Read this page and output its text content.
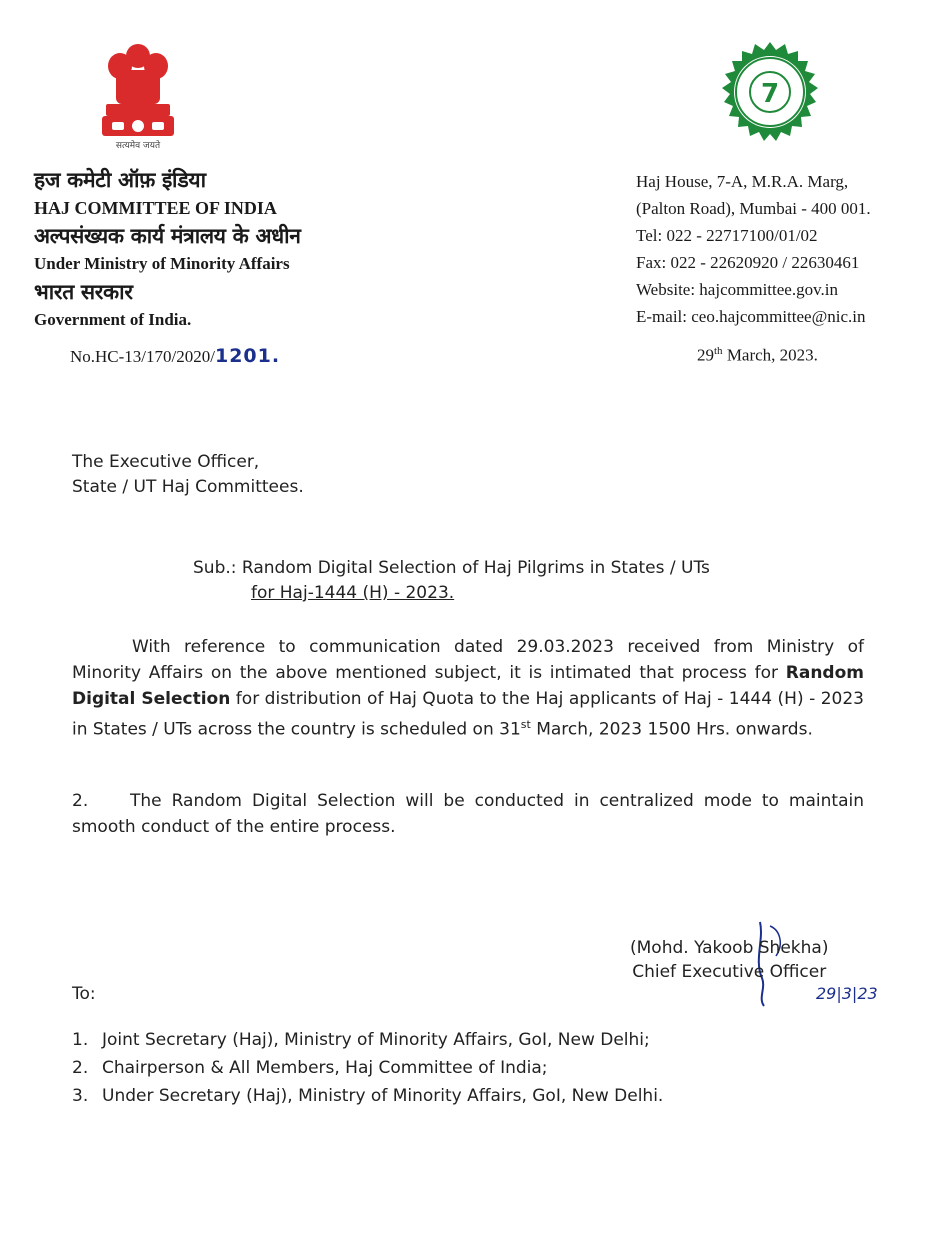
सत्यमेव जयते
7
हज कमेटी ऑफ़ इंडिया
HAJ COMMITTEE OF INDIA
अल्पसंख्यक कार्य मंत्रालय के अधीन
Under Ministry of Minority Affairs
भारत सरकार
Government of India.
Haj House, 7-A, M.R.A. Marg,
(Palton Road), Mumbai - 400 001.
Tel: 022 - 22717100/01/02
Fax: 022 - 22620920 / 22630461
Website: hajcommittee.gov.in
E-mail: ceo.hajcommittee@nic.in
No.HC-13/170/2020/1201.	29th March, 2023.
The Executive Officer,
State / UT Haj Committees.
Sub.: Random Digital Selection of Haj Pilgrims in States / UTs
for Haj-1444 (H) - 2023.
With reference to communication dated 29.03.2023 received from Ministry of Minority Affairs on the above mentioned subject, it is intimated that process for Random Digital Selection for distribution of Haj Quota to the Haj applicants of Haj - 1444 (H) - 2023 in States / UTs across the country is scheduled on 31st March, 2023 1500 Hrs. onwards.
2. The Random Digital Selection will be conducted in centralized mode to maintain smooth conduct of the entire process.
(Mohd. Yakoob Shekha)
Chief Executive Officer
29|3|23
To:
1. Joint Secretary (Haj), Ministry of Minority Affairs, GoI, New Delhi;
2. Chairperson & All Members, Haj Committee of India;
3. Under Secretary (Haj), Ministry of Minority Affairs, GoI, New Delhi.
